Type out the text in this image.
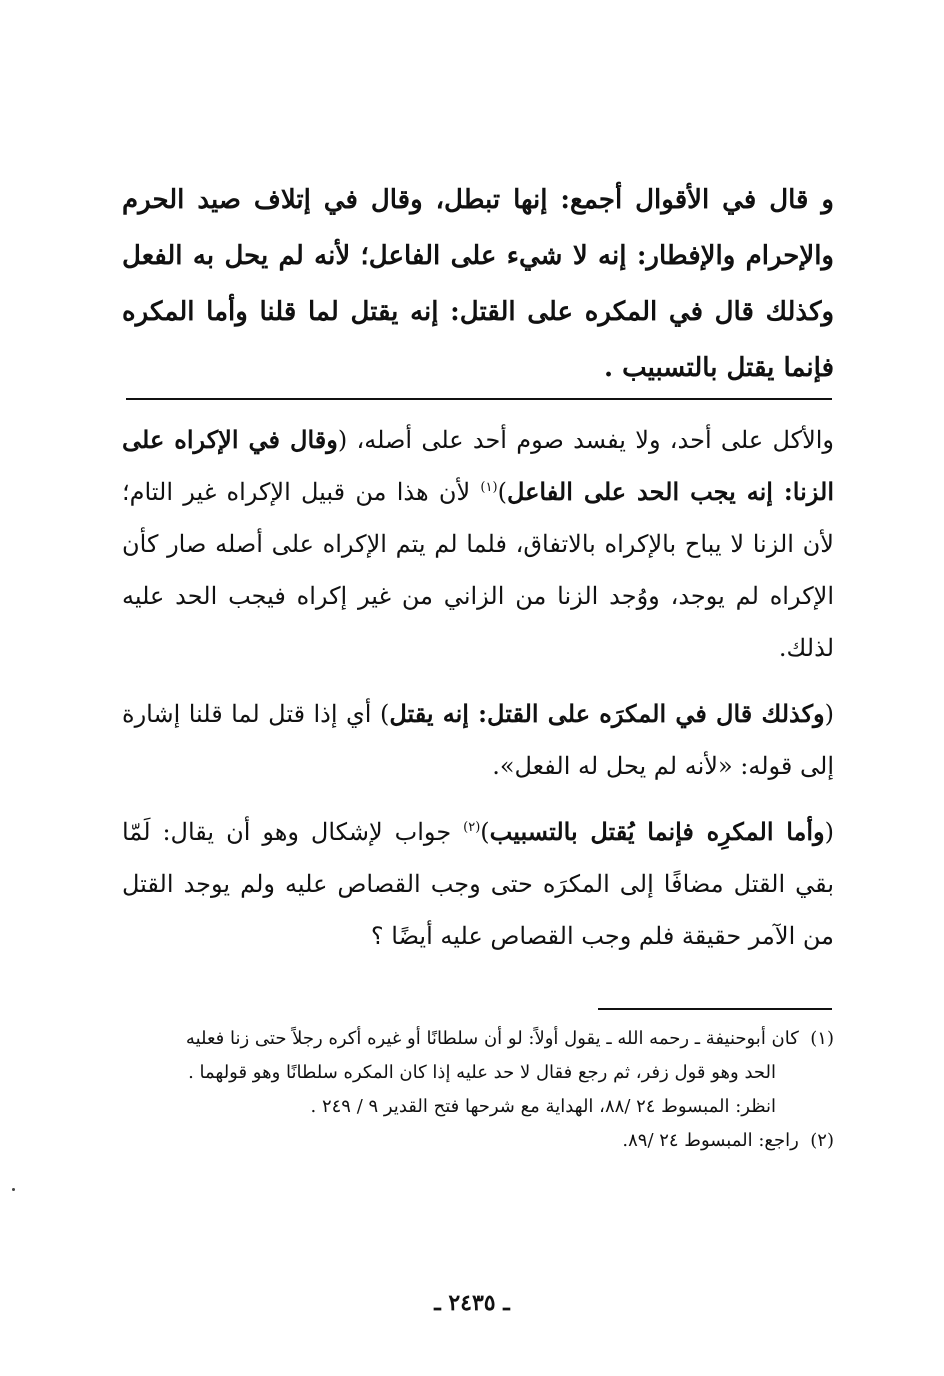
و قال في الأقوال أجمع: إنها تبطل، وقال في إتلاف صيد الحرم والإحرام والإفطار: إنه لا شيء على الفاعل؛ لأنه لم يحل به الفعل وكذلك قال في المكره على القتل: إنه يقتل لما قلنا وأما المكره فإنما يقتل بالتسبيب .

والأكل على أحد، ولا يفسد صوم أحد على أصله، (وقال في الإكراه على الزنا: إنه يجب الحد على الفاعل)$^{(١)}$ لأن هذا من قبيل الإكراه غير التام؛ لأن الزنا لا يباح بالإكراه بالاتفاق، فلما لم يتم الإكراه على أصله صار كأن الإكراه لم يوجد، ووُجد الزنا من الزاني من غير إكراه فيجب الحد عليه لذلك.

(وكذلك قال في المكرَه على القتل: إنه يقتل) أي إذا قتل لما قلنا إشارة إلى قوله: «لأنه لم يحل له الفعل».

(وأما المكرِه فإنما يُقتل بالتسبيب)$^{(٢)}$ جواب لإشكال وهو أن يقال: لَمّا بقي القتل مضافًا إلى المكرَه حتى وجب القصاص عليه ولم يوجد القتل من الآمر حقيقة فلم وجب القصاص عليه أيضًا ؟

(١)  كان أبوحنيفة ـ رحمه الله ـ يقول أولاً: لو أن سلطانًا أو غيره أكره رجلاً حتى زنا فعليه

الحد وهو قول زفر، ثم رجع فقال لا حد عليه إذا كان المكره سلطانًا وهو قولهما .

انظر: المبسوط ٢٤ /٨٨، الهداية مع شرحها فتح القدير ٩ / ٢٤٩ .

(٢)  راجع: المبسوط ٢٤ /٨٩.

ـ ٢٤٣٥ ـ
